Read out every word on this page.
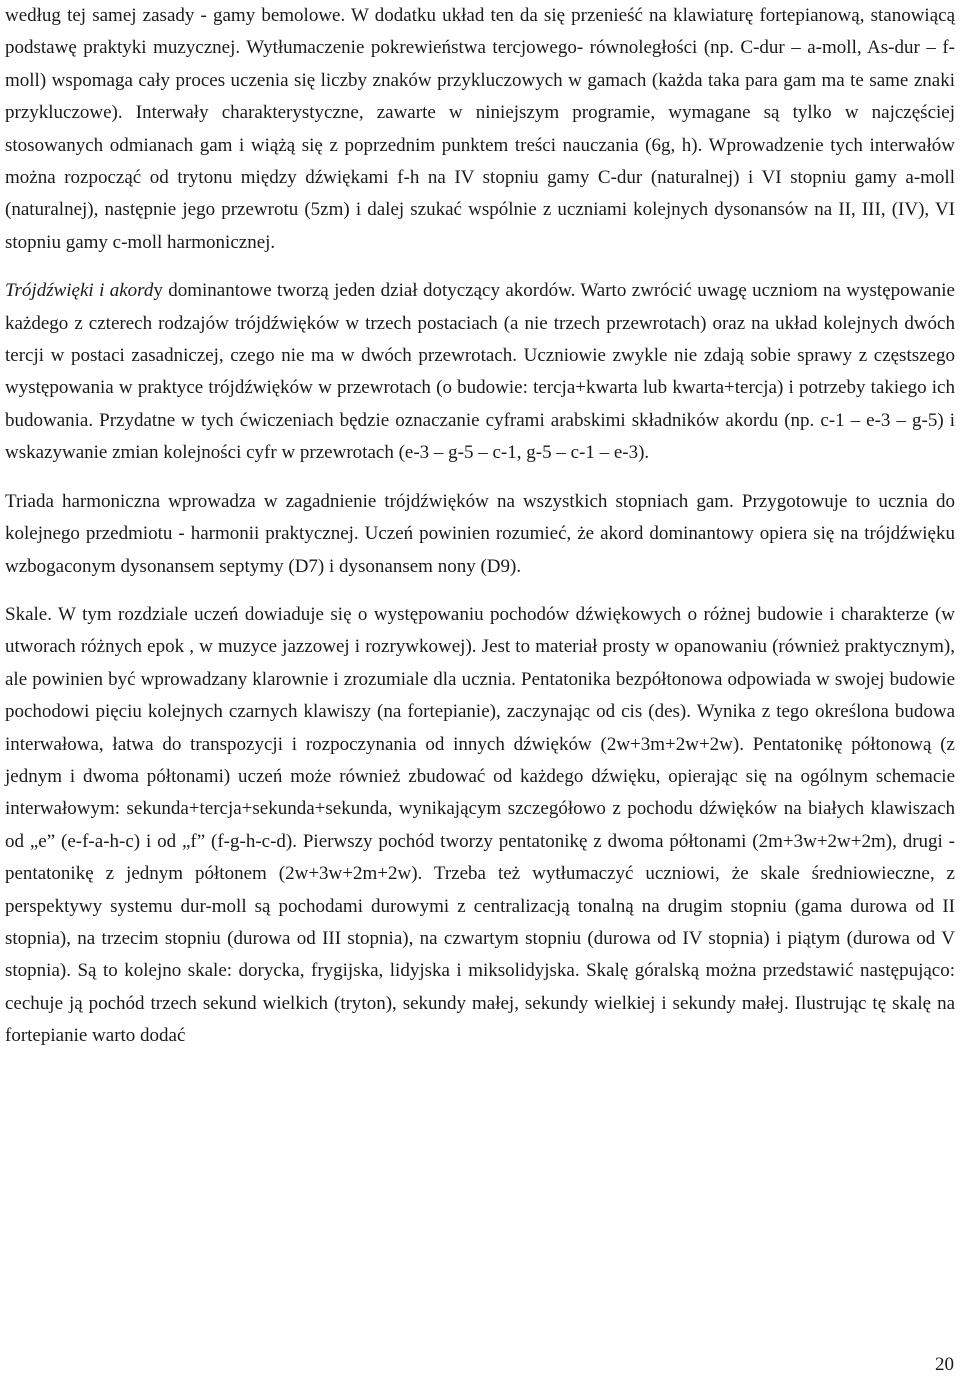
według tej samej zasady - gamy bemolowe. W dodatku układ ten da się przenieść na klawiaturę fortepianową, stanowiącą podstawę praktyki muzycznej. Wytłumaczenie pokrewieństwa tercjowego- równoległości (np. C-dur – a-moll, As-dur – f-moll) wspomaga cały proces uczenia się liczby znaków przykluczowych w gamach (każda taka para gam ma te same znaki przykluczowe). Interwały charakterystyczne, zawarte w niniejszym programie, wymagane są tylko w najczęściej stosowanych odmianach gam i wiążą się z poprzednim punktem treści nauczania (6g, h). Wprowadzenie tych interwałów można rozpocząć od trytonu między dźwiękami f-h na IV stopniu gamy C-dur (naturalnej) i VI stopniu gamy a-moll (naturalnej), następnie jego przewrotu (5zm) i dalej szukać wspólnie z uczniami kolejnych dysonansów na II, III, (IV), VI stopniu gamy c-moll harmonicznej.

Trójdźwięki i akordy dominantowe tworzą jeden dział dotyczący akordów. Warto zwrócić uwagę uczniom na występowanie każdego z czterech rodzajów trójdźwięków w trzech postaciach (a nie trzech przewrotach) oraz na układ kolejnych dwóch tercji w postaci zasadniczej, czego nie ma w dwóch przewrotach. Uczniowie zwykle nie zdają sobie sprawy z częstszego występowania w praktyce trójdźwięków w przewrotach (o budowie: tercja+kwarta lub kwarta+tercja) i potrzeby takiego ich budowania. Przydatne w tych ćwiczeniach będzie oznaczanie cyframi arabskimi składników akordu (np. c-1 – e-3 – g-5) i wskazywanie zmian kolejności cyfr w przewrotach (e-3 – g-5 – c-1, g-5 – c-1 – e-3).

Triada harmoniczna wprowadza w zagadnienie trójdźwięków na wszystkich stopniach gam. Przygotowuje to ucznia do kolejnego przedmiotu - harmonii praktycznej. Uczeń powinien rozumieć, że akord dominantowy opiera się na trójdźwięku wzbogaconym dysonansem septymy (D7) i dysonansem nony (D9).

Skale. W tym rozdziale uczeń dowiaduje się o występowaniu pochodów dźwiękowych o różnej budowie i charakterze (w utworach różnych epok , w muzyce jazzowej i rozrywkowej). Jest to materiał prosty w opanowaniu (również praktycznym), ale powinien być wprowadzany klarownie i zrozumiale dla ucznia. Pentatonika bezpółtonowa odpowiada w swojej budowie pochodowi pięciu kolejnych czarnych klawiszy (na fortepianie), zaczynając od cis (des). Wynika z tego określona budowa interwałowa, łatwa do transpozycji i rozpoczynania od innych dźwięków (2w+3m+2w+2w). Pentatonikę półtonową (z jednym i dwoma półtonami) uczeń może również zbudować od każdego dźwięku, opierając się na ogólnym schemacie interwałowym: sekunda+tercja+sekunda+sekunda, wynikającym szczegółowo z pochodu dźwięków na białych klawiszach od „e” (e-f-a-h-c) i od „f” (f-g-h-c-d). Pierwszy pochód tworzy pentatonikę z dwoma półtonami (2m+3w+2w+2m), drugi - pentatonikę z jednym półtonem (2w+3w+2m+2w). Trzeba też wytłumaczyć uczniowi, że skale średniowieczne, z perspektywy systemu dur-moll są pochodami durowymi z centralizacją tonalną na drugim stopniu (gama durowa od II stopnia), na trzecim stopniu (durowa od III stopnia), na czwartym stopniu (durowa od IV stopnia) i piątym (durowa od V stopnia). Są to kolejno skale: dorycka, frygijska, lidyjska i miksolidyjska. Skalę góralską można przedstawić następująco: cechuje ją pochód trzech sekund wielkich (tryton), sekundy małej, sekundy wielkiej i sekundy małej. Ilustrując tę skalę na fortepianie warto dodać

20
